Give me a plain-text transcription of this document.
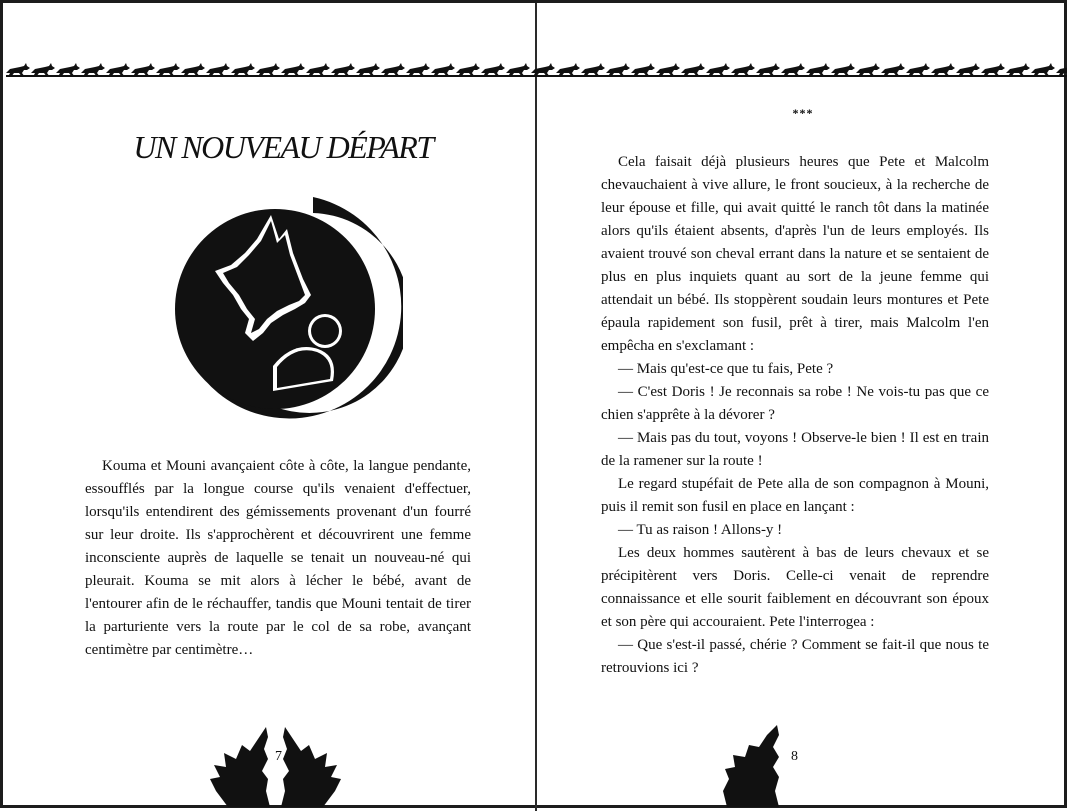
UN NOUVEAU DÉPART

Kouma et Mouni avançaient côte à côte, la langue pendante, essoufflés par la longue course qu'ils venaient d'effectuer, lorsqu'ils entendirent des gémissements provenant d'un fourré sur leur droite. Ils s'approchèrent et découvrirent une femme inconsciente auprès de laquelle se tenait un nouveau-né qui pleurait. Kouma se mit alors à lécher le bébé, avant de l'entourer afin de le réchauffer, tandis que Mouni tentait de tirer la parturiente vers la route par le col de sa robe, avançant centimètre par centimètre…

7
***

Cela faisait déjà plusieurs heures que Pete et Malcolm chevauchaient à vive allure, le front soucieux, à la recherche de leur épouse et fille, qui avait quitté le ranch tôt dans la matinée alors qu'ils étaient absents, d'après l'un de leurs employés. Ils avaient trouvé son cheval errant dans la nature et se sentaient de plus en plus inquiets quant au sort de la jeune femme qui attendait un bébé. Ils stoppèrent soudain leurs montures et Pete épaula rapidement son fusil, prêt à tirer, mais Malcolm l'en empêcha en s'exclamant :

— Mais qu'est-ce que tu fais, Pete ?

— C'est Doris ! Je reconnais sa robe ! Ne vois-tu pas que ce chien s'apprête à la dévorer ?

— Mais pas du tout, voyons ! Observe-le bien ! Il est en train de la ramener sur la route !

Le regard stupéfait de Pete alla de son compagnon à Mouni, puis il remit son fusil en place en lançant :

— Tu as raison ! Allons-y !

Les deux hommes sautèrent à bas de leurs chevaux et se précipitèrent vers Doris. Celle-ci venait de reprendre connaissance et elle sourit faiblement en découvrant son époux et son père qui accouraient. Pete l'interrogea :

— Que s'est-il passé, chérie ? Comment se fait-il que nous te retrouvions ici ?

8
